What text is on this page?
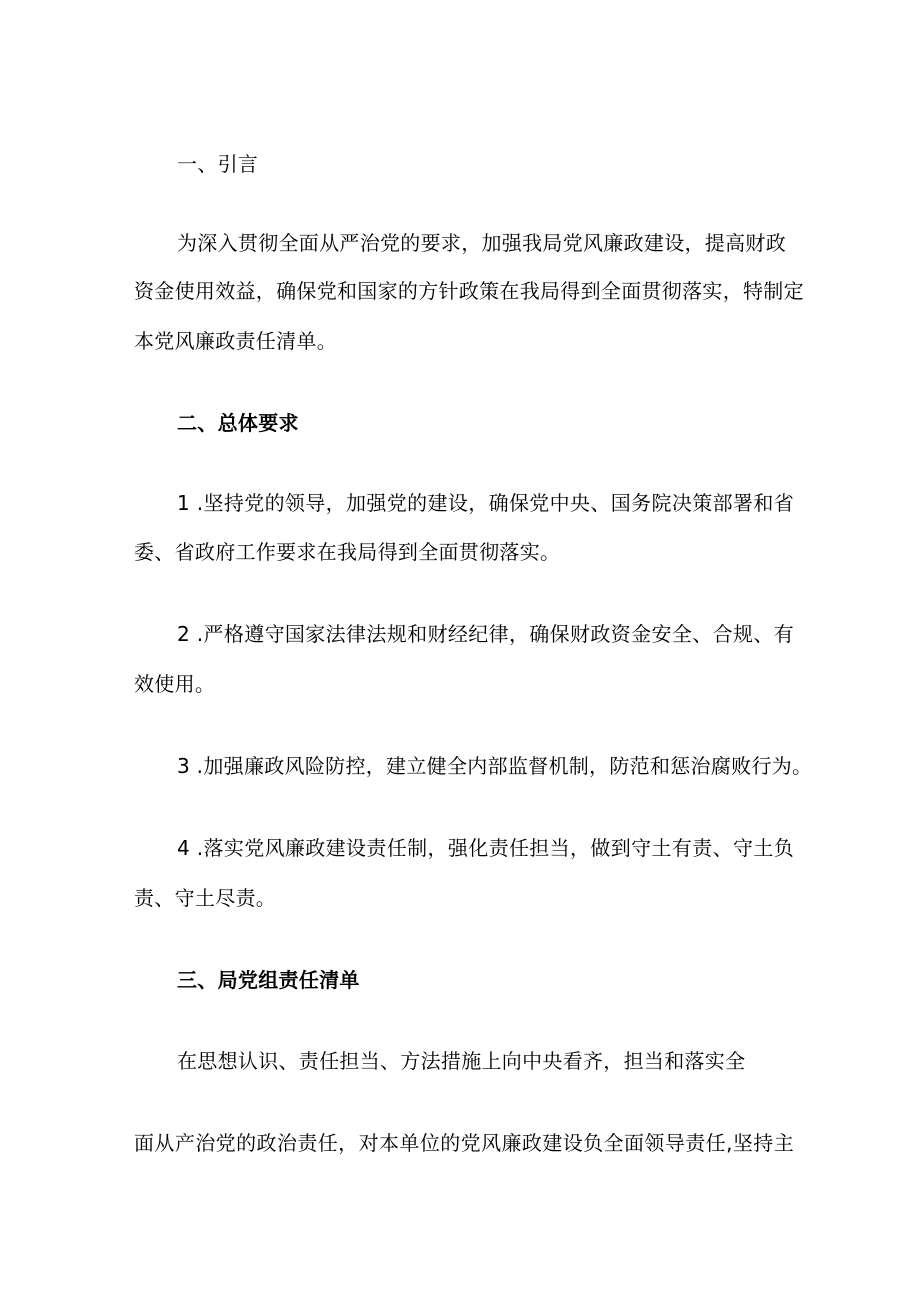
一、引言
为深入贯彻全面从严治党的要求，加强我局党风廉政建设，提高财政
资金使用效益，确保党和国家的方针政策在我局得到全面贯彻落实，特制定
本党风廉政责任清单。
二、总体要求
1 .坚持党的领导，加强党的建设，确保党中央、国务院决策部署和省
委、省政府工作要求在我局得到全面贯彻落实。
2 .严格遵守国家法律法规和财经纪律，确保财政资金安全、合规、有
效使用。
3 .加强廉政风险防控，建立健全内部监督机制，防范和惩治腐败行为。
4 .落实党风廉政建设责任制，强化责任担当，做到守土有责、守土负
责、守土尽责。
三、局党组责任清单
在思想认识、责任担当、方法措施上向中央看齐，担当和落实全
面从产治党的政治责任，对本单位的党风廉政建设负全面领导责任,坚持主
